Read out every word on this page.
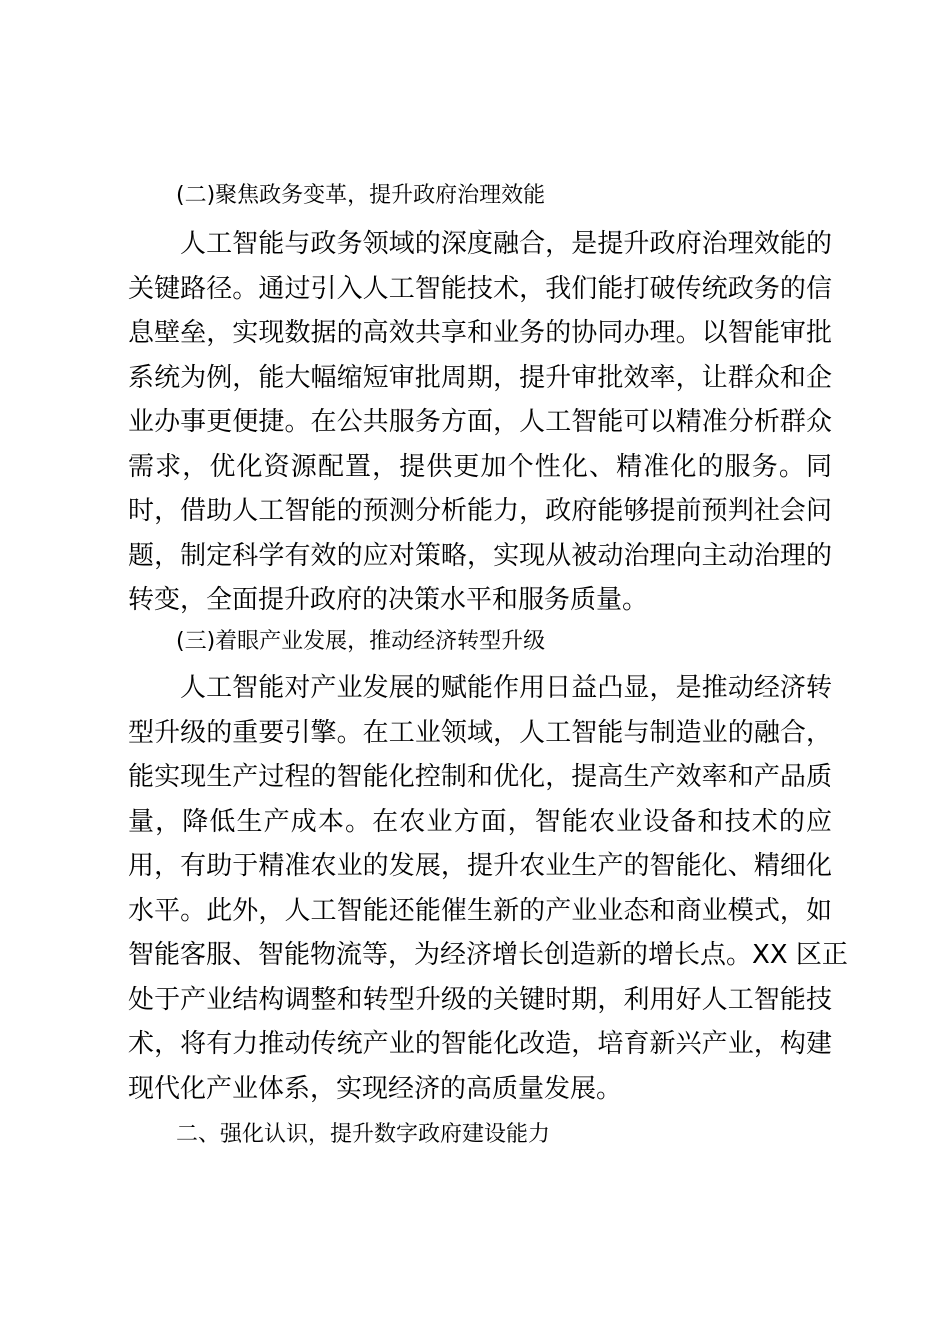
(二)聚焦政务变革，提升政府治理效能
人工智能与政务领域的深度融合，是提升政府治理效能的
关键路径。通过引入人工智能技术，我们能打破传统政务的信
息壁垒，实现数据的高效共享和业务的协同办理。以智能审批
系统为例，能大幅缩短审批周期，提升审批效率，让群众和企
业办事更便捷。在公共服务方面，人工智能可以精准分析群众
需求，优化资源配置，提供更加个性化、精准化的服务。同
时，借助人工智能的预测分析能力，政府能够提前预判社会问
题，制定科学有效的应对策略，实现从被动治理向主动治理的
转变，全面提升政府的决策水平和服务质量。
(三)着眼产业发展，推动经济转型升级
人工智能对产业发展的赋能作用日益凸显，是推动经济转
型升级的重要引擎。在工业领域，人工智能与制造业的融合，
能实现生产过程的智能化控制和优化，提高生产效率和产品质
量，降低生产成本。在农业方面，智能农业设备和技术的应
用，有助于精准农业的发展，提升农业生产的智能化、精细化
水平。此外，人工智能还能催生新的产业业态和商业模式，如
智能客服、智能物流等，为经济增长创造新的增长点。XX 区正
处于产业结构调整和转型升级的关键时期，利用好人工智能技
术，将有力推动传统产业的智能化改造，培育新兴产业，构建
现代化产业体系，实现经济的高质量发展。
二、强化认识，提升数字政府建设能力
